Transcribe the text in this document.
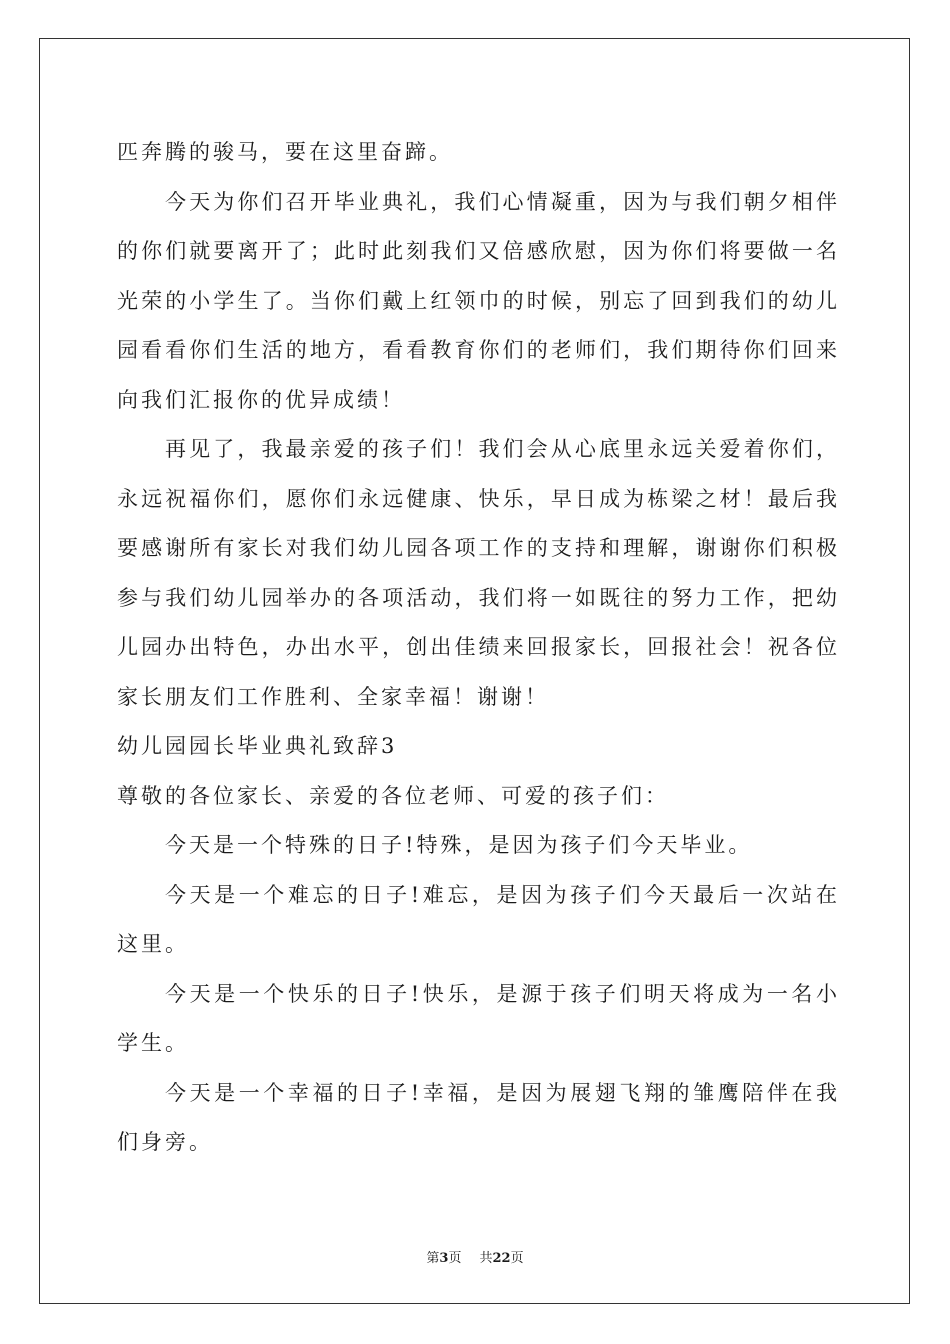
匹奔腾的骏马，要在这里奋蹄。
今天为你们召开毕业典礼，我们心情凝重，因为与我们朝夕相伴
的你们就要离开了；此时此刻我们又倍感欣慰，因为你们将要做一名
光荣的小学生了。当你们戴上红领巾的时候，别忘了回到我们的幼儿
园看看你们生活的地方，看看教育你们的老师们，我们期待你们回来
向我们汇报你的优异成绩！
再见了，我最亲爱的孩子们！我们会从心底里永远关爱着你们，
永远祝福你们，愿你们永远健康、快乐，早日成为栋梁之材！最后我
要感谢所有家长对我们幼儿园各项工作的支持和理解，谢谢你们积极
参与我们幼儿园举办的各项活动，我们将一如既往的努力工作，把幼
儿园办出特色，办出水平，创出佳绩来回报家长，回报社会！祝各位
家长朋友们工作胜利、全家幸福！谢谢！
幼儿园园长毕业典礼致辞3
尊敬的各位家长、亲爱的各位老师、可爱的孩子们：
今天是一个特殊的日子!特殊，是因为孩子们今天毕业。
今天是一个难忘的日子!难忘，是因为孩子们今天最后一次站在
这里。
今天是一个快乐的日子!快乐，是源于孩子们明天将成为一名小
学生。
今天是一个幸福的日子!幸福，是因为展翅飞翔的雏鹰陪伴在我
们身旁。
第3页 共22页
